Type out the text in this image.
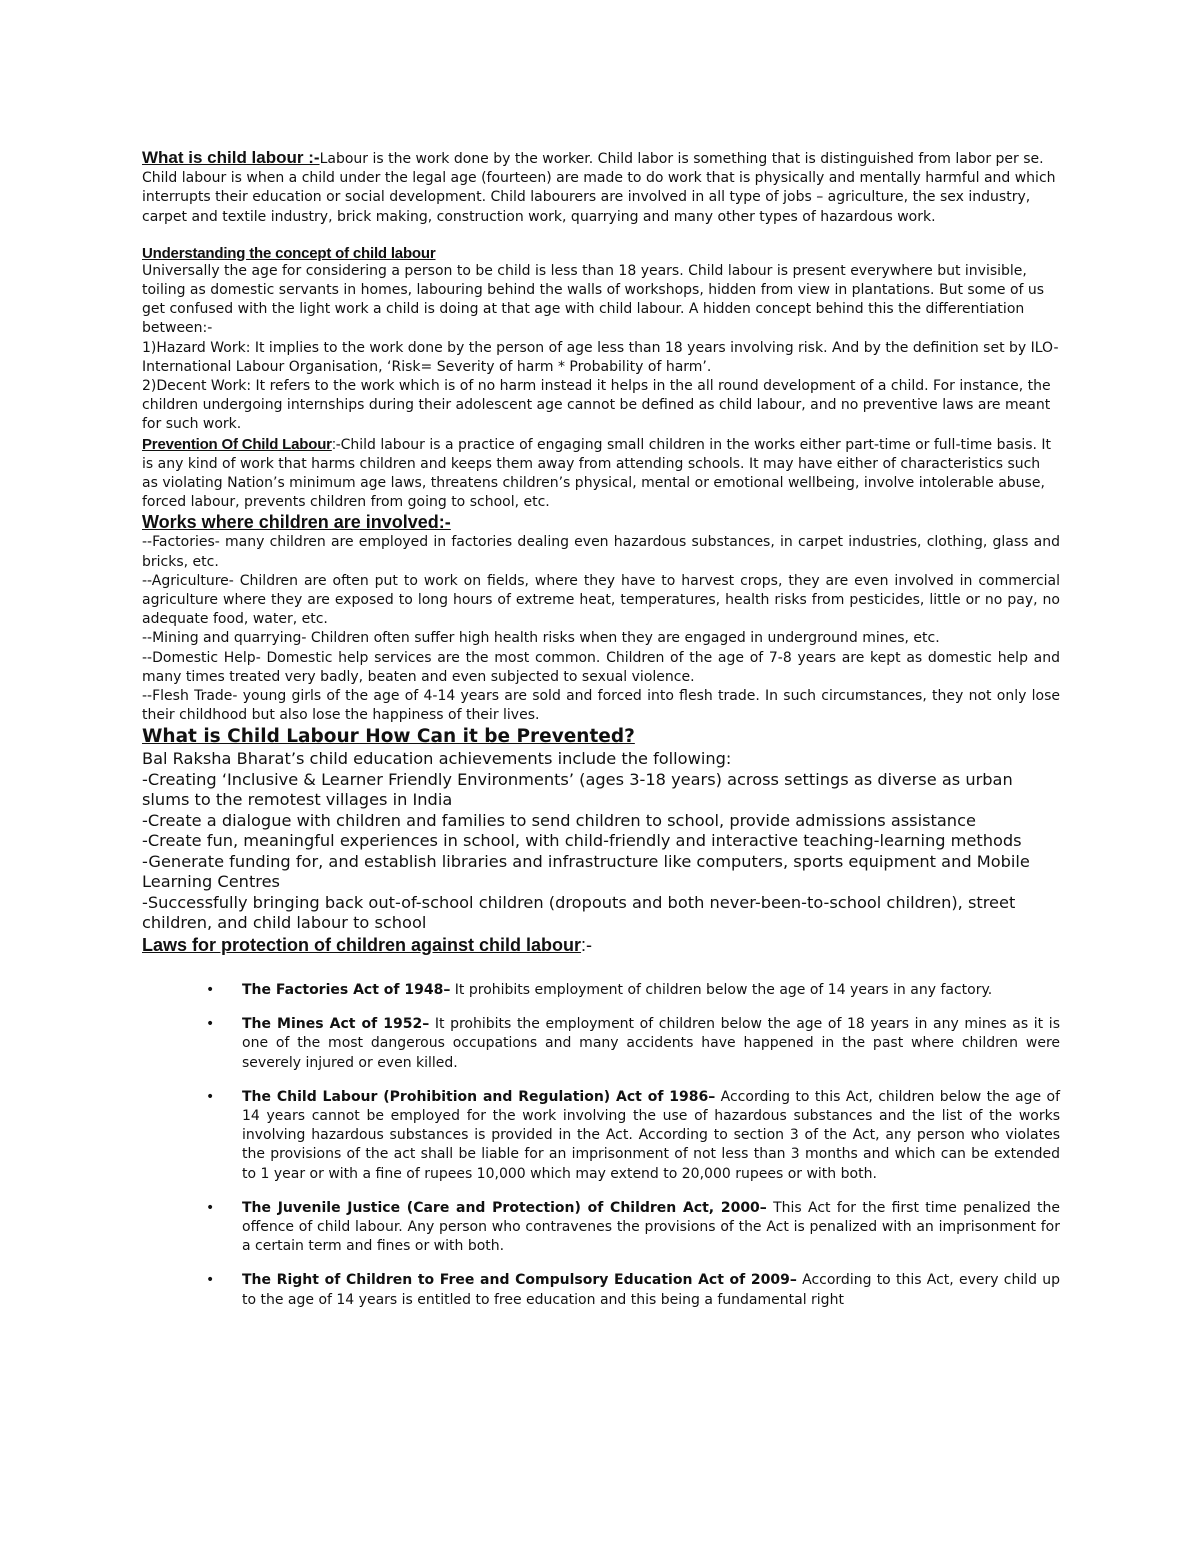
What is child labour :-Labour is the work done by the worker. Child labor is something that is distinguished from labor per se. Child labour is when a child under the legal age (fourteen) are made to do work that is physically and mentally harmful and which interrupts their education or social development. Child labourers are involved in all type of jobs – agriculture, the sex industry, carpet and textile industry, brick making, construction work, quarrying and many other types of hazardous work.

Understanding the concept of child labour

Universally the age for considering a person to be child is less than 18 years. Child labour is present everywhere but invisible, toiling as domestic servants in homes, labouring behind the walls of workshops, hidden from view in plantations. But some of us get confused with the light work a child is doing at that age with child labour. A hidden concept behind this the differentiation between:-

1)Hazard Work: It implies to the work done by the person of age less than 18 years involving risk. And by the definition set by ILO- International Labour Organisation, ‘Risk= Severity of harm * Probability of harm’.

2)Decent Work: It refers to the work which is of no harm instead it helps in the all round development of a child. For instance, the children undergoing internships during their adolescent age cannot be defined as child labour, and no preventive laws are meant for such work.

Prevention Of Child Labour:-Child labour is a practice of engaging small children in the works either part-time or full-time basis. It is any kind of work that harms children and keeps them away from attending schools. It may have either of characteristics such as violating Nation’s minimum age laws, threatens children’s physical, mental or emotional wellbeing, involve intolerable abuse, forced labour, prevents children from going to school, etc.

Works where children are involved:-

--Factories- many children are employed in factories dealing even hazardous substances, in carpet industries, clothing, glass and bricks, etc.

--Agriculture- Children are often put to work on fields, where they have to harvest crops, they are even involved in commercial agriculture where they are exposed to long hours of extreme heat, temperatures, health risks from pesticides, little or no pay, no adequate food, water, etc.

--Mining and quarrying- Children often suffer high health risks when they are engaged in underground mines, etc.

--Domestic Help- Domestic help services are the most common. Children of the age of 7-8 years are kept as domestic help and many times treated very badly, beaten and even subjected to sexual violence.

--Flesh Trade- young girls of the age of 4-14 years are sold and forced into flesh trade. In such circumstances, they not only lose their childhood but also lose the happiness of their lives.

What is Child Labour How Can it be Prevented?

Bal Raksha Bharat’s child education achievements include the following:

-Creating ‘Inclusive & Learner Friendly Environments’ (ages 3-18 years) across settings as diverse as urban slums to the remotest villages in India

-Create a dialogue with children and families to send children to school, provide admissions assistance

-Create fun, meaningful experiences in school, with child-friendly and interactive teaching-learning methods

-Generate funding for, and establish libraries and infrastructure like computers, sports equipment and Mobile Learning Centres

-Successfully bringing back out-of-school children (dropouts and both never-been-to-school children), street children, and child labour to school

Laws for protection of children against child labour:-

• The Factories Act of 1948– It prohibits employment of children below the age of 14 years in any factory.
• The Mines Act of 1952– It prohibits the employment of children below the age of 18 years in any mines as it is one of the most dangerous occupations and many accidents have happened in the past where children were severely injured or even killed.
• The Child Labour (Prohibition and Regulation) Act of 1986– According to this Act, children below the age of 14 years cannot be employed for the work involving the use of hazardous substances and the list of the works involving hazardous substances is provided in the Act. According to section 3 of the Act, any person who violates the provisions of the act shall be liable for an imprisonment of not less than 3 months and which can be extended to 1 year or with a fine of rupees 10,000 which may extend to 20,000 rupees or with both.
• The Juvenile Justice (Care and Protection) of Children Act, 2000– This Act for the first time penalized the offence of child labour. Any person who contravenes the provisions of the Act is penalized with an imprisonment for a certain term and fines or with both.
• The Right of Children to Free and Compulsory Education Act of 2009– According to this Act, every child up to the age of 14 years is entitled to free education and this being a fundamental right
